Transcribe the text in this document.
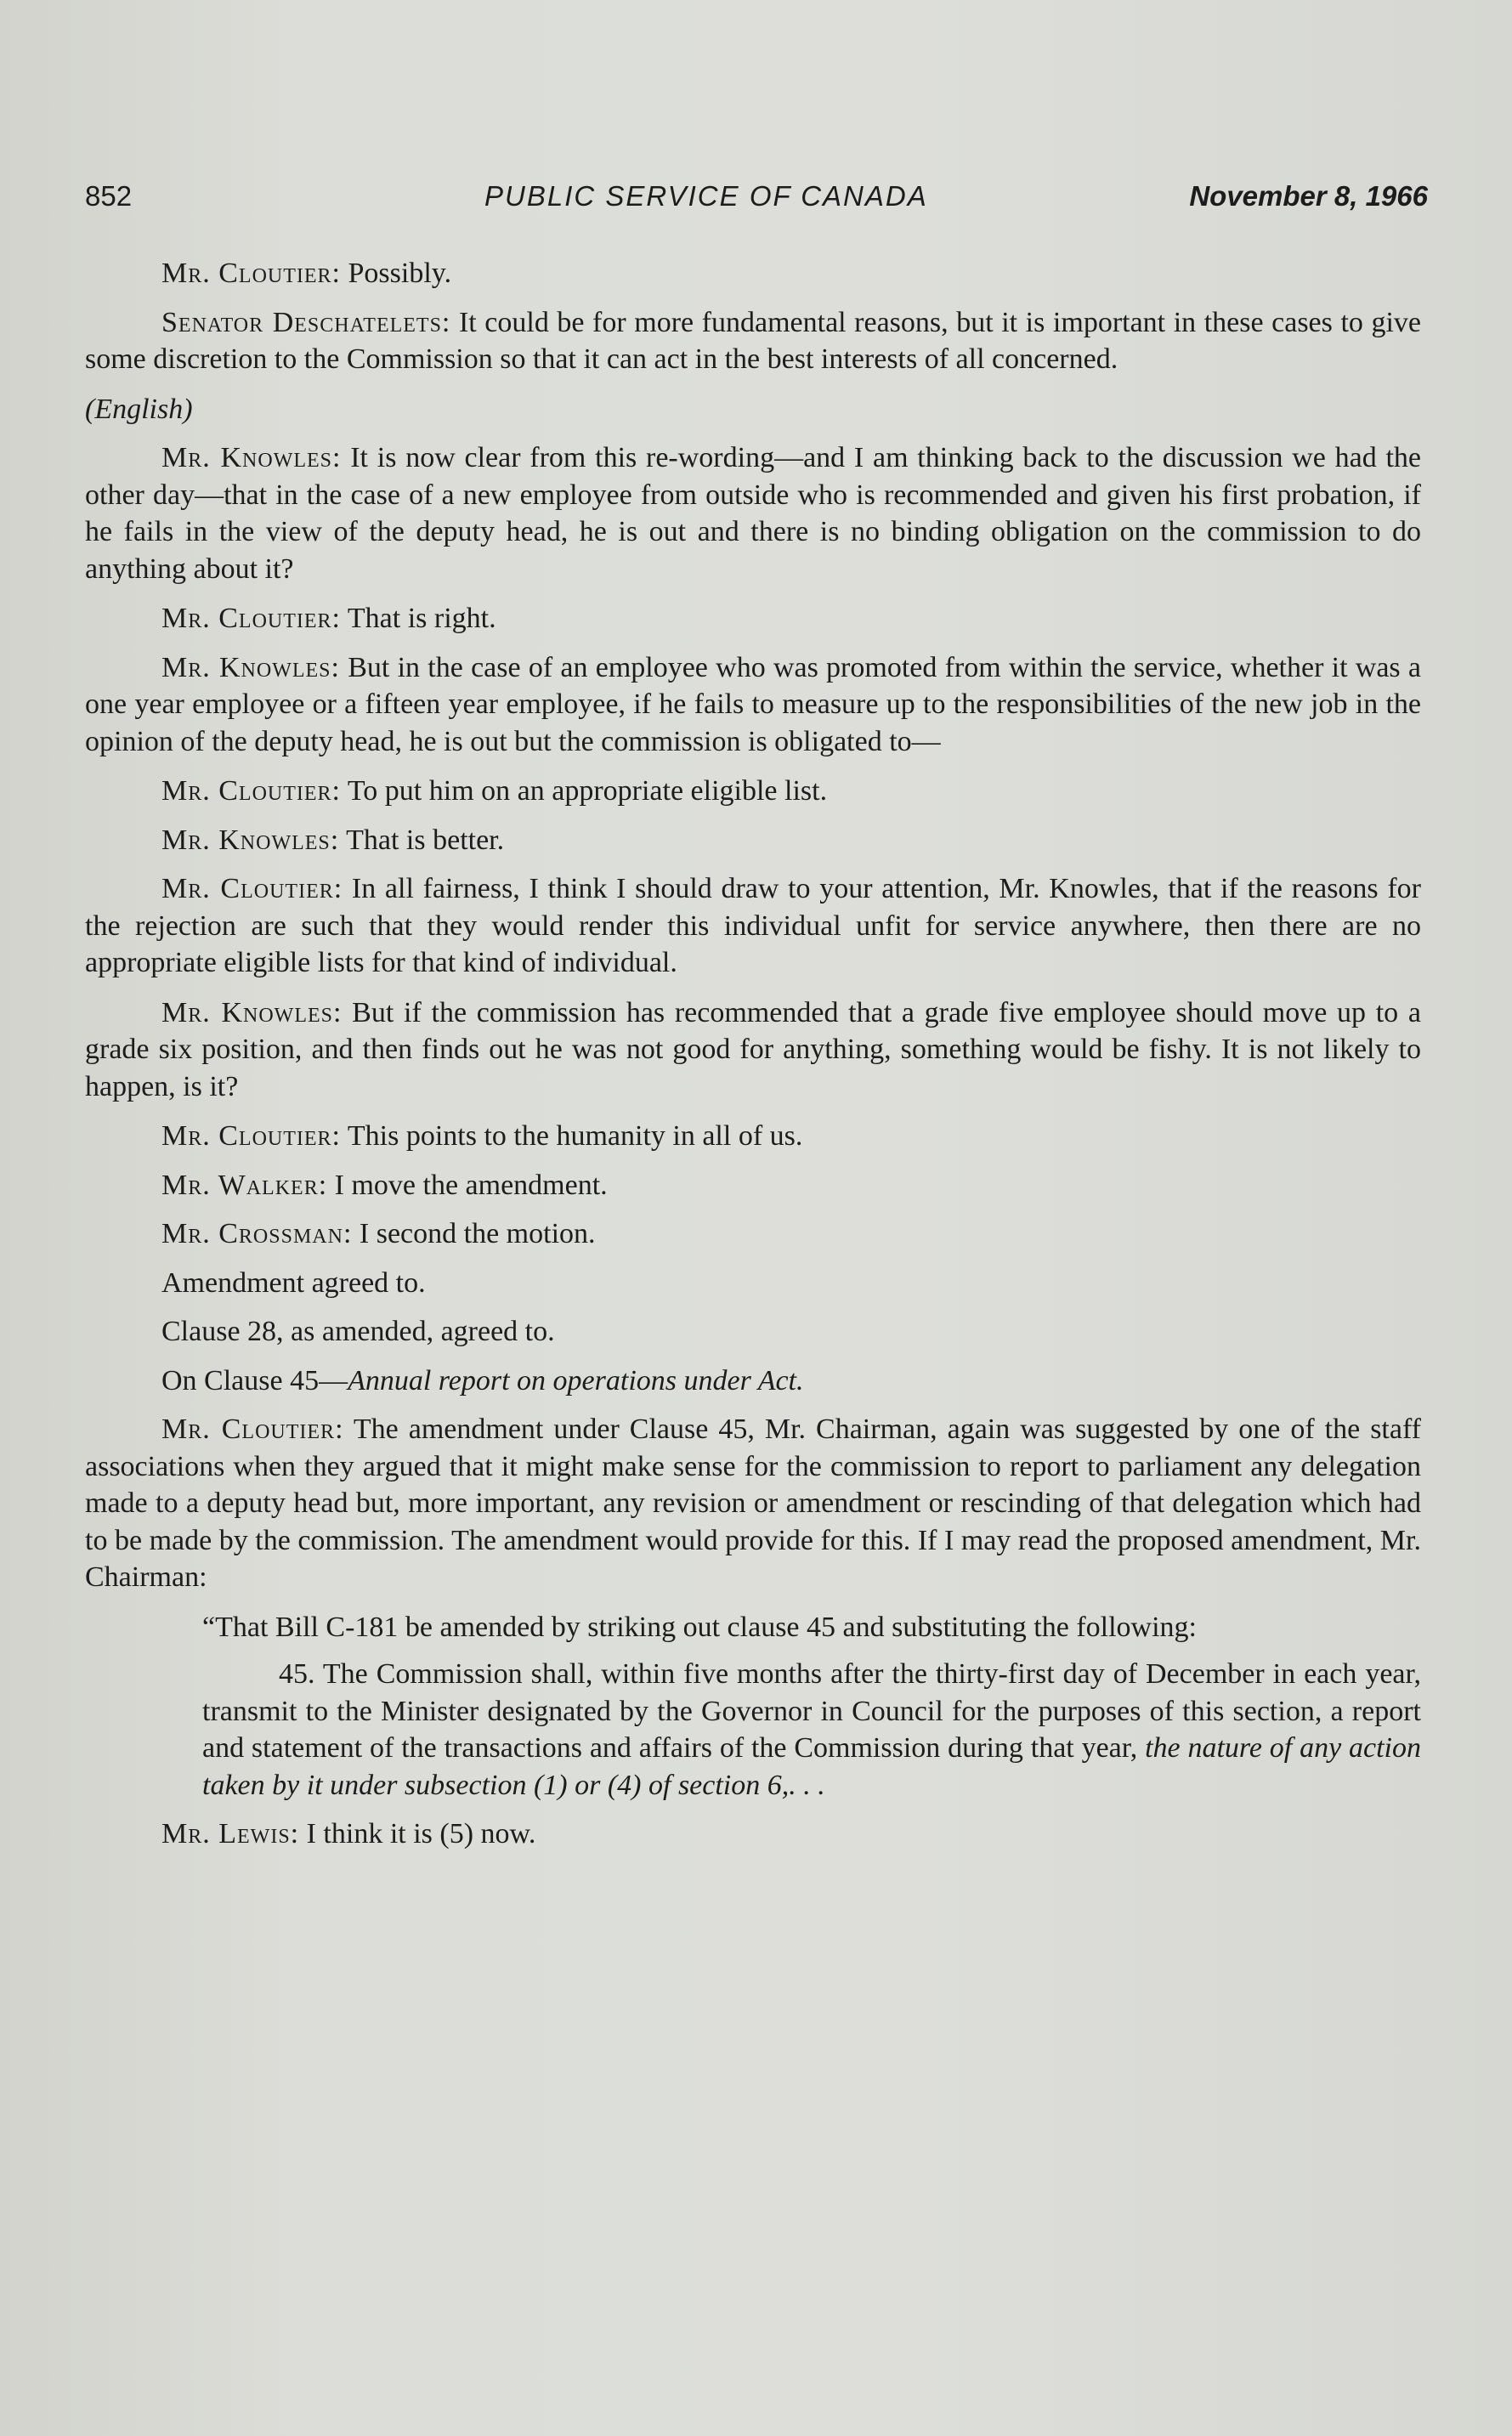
852	PUBLIC SERVICE OF CANADA	November 8, 1966

Mr. Cloutier: Possibly.

Senator Deschatelets: It could be for more fundamental reasons, but it is important in these cases to give some discretion to the Commission so that it can act in the best interests of all concerned.

(English)

Mr. Knowles: It is now clear from this re-wording—and I am thinking back to the discussion we had the other day—that in the case of a new employee from outside who is recommended and given his first probation, if he fails in the view of the deputy head, he is out and there is no binding obligation on the commission to do anything about it?

Mr. Cloutier: That is right.

Mr. Knowles: But in the case of an employee who was promoted from within the service, whether it was a one year employee or a fifteen year employee, if he fails to measure up to the responsibilities of the new job in the opinion of the deputy head, he is out but the commission is obligated to—

Mr. Cloutier: To put him on an appropriate eligible list.

Mr. Knowles: That is better.

Mr. Cloutier: In all fairness, I think I should draw to your attention, Mr. Knowles, that if the reasons for the rejection are such that they would render this individual unfit for service anywhere, then there are no appropriate eligible lists for that kind of individual.

Mr. Knowles: But if the commission has recommended that a grade five employee should move up to a grade six position, and then finds out he was not good for anything, something would be fishy. It is not likely to happen, is it?

Mr. Cloutier: This points to the humanity in all of us.

Mr. Walker: I move the amendment.

Mr. Crossman: I second the motion.

Amendment agreed to.

Clause 28, as amended, agreed to.

On Clause 45—Annual report on operations under Act.

Mr. Cloutier: The amendment under Clause 45, Mr. Chairman, again was suggested by one of the staff associations when they argued that it might make sense for the commission to report to parliament any delegation made to a deputy head but, more important, any revision or amendment or rescinding of that delegation which had to be made by the commission. The amendment would provide for this. If I may read the proposed amendment, Mr. Chairman:

“That Bill C-181 be amended by striking out clause 45 and substituting the following:

45. The Commission shall, within five months after the thirty-first day of December in each year, transmit to the Minister designated by the Governor in Council for the purposes of this section, a report and statement of the transactions and affairs of the Commission during that year, the nature of any action taken by it under subsection (1) or (4) of section 6,. . .

Mr. Lewis: I think it is (5) now.
